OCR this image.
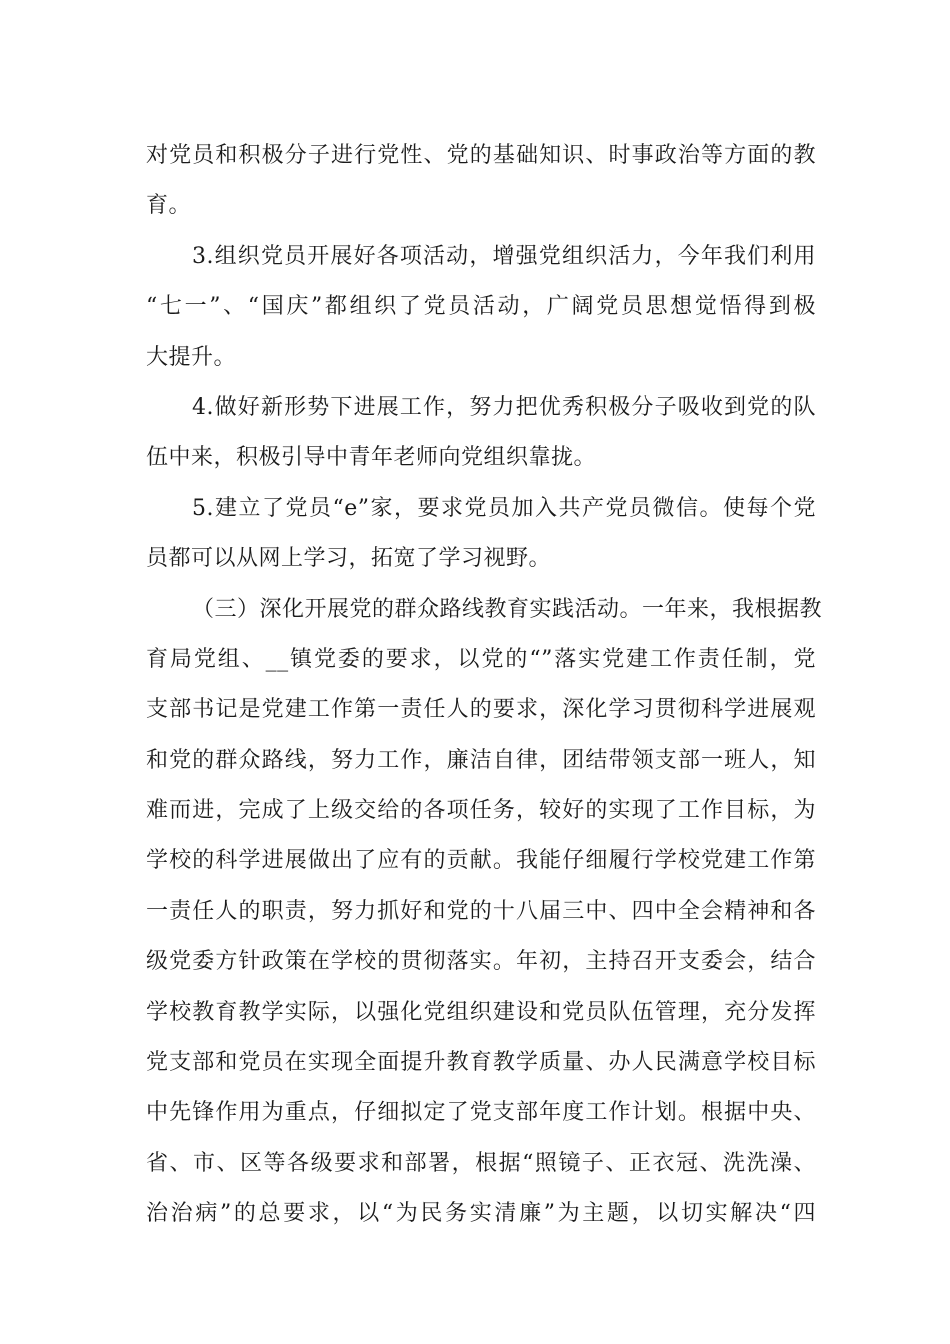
对党员和积极分子进行党性、党的基础知识、时事政治等方面的教
育。
3.组织党员开展好各项活动，增强党组织活力，今年我们利用
“七一”、“国庆”都组织了党员活动，广阔党员思想觉悟得到极
大提升。
4.做好新形势下进展工作，努力把优秀积极分子吸收到党的队
伍中来，积极引导中青年老师向党组织靠拢。
5.建立了党员“e”家，要求党员加入共产党员微信。使每个党
员都可以从网上学习，拓宽了学习视野。
（三）深化开展党的群众路线教育实践活动。一年来，我根据教
育局党组、__镇党委的要求，以党的“”落实党建工作责任制，党
支部书记是党建工作第一责任人的要求，深化学习贯彻科学进展观
和党的群众路线，努力工作，廉洁自律，团结带领支部一班人，知
难而进，完成了上级交给的各项任务，较好的实现了工作目标，为
学校的科学进展做出了应有的贡献。我能仔细履行学校党建工作第
一责任人的职责，努力抓好和党的十八届三中、四中全会精神和各
级党委方针政策在学校的贯彻落实。年初，主持召开支委会，结合
学校教育教学实际，以强化党组织建设和党员队伍管理，充分发挥
党支部和党员在实现全面提升教育教学质量、办人民满意学校目标
中先锋作用为重点，仔细拟定了党支部年度工作计划。根据中央、
省、市、区等各级要求和部署，根据“照镜子、正衣冠、洗洗澡、
治治病”的总要求，以“为民务实清廉”为主题，以切实解决“四
